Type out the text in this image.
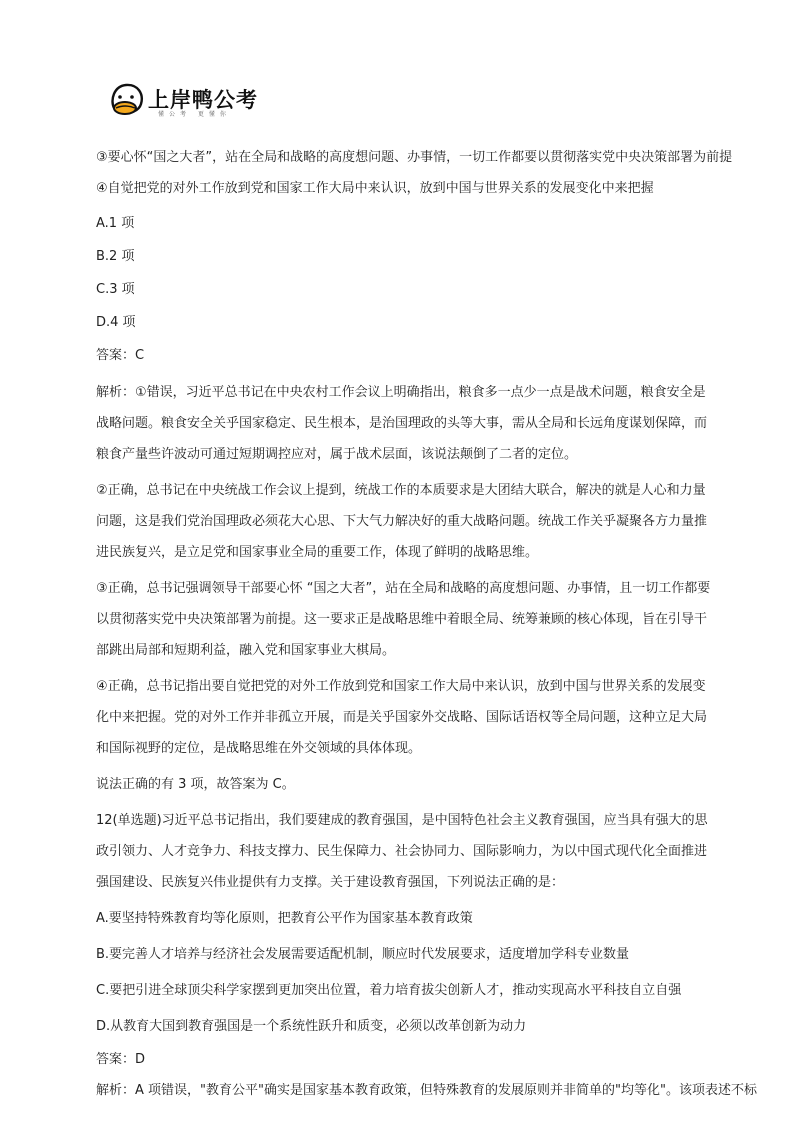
上岸鸭公考
懂公考 更懂你
③要心怀“国之大者”，站在全局和战略的高度想问题、办事情，一切工作都要以贯彻落实党中央决策部署为前提
④自觉把党的对外工作放到党和国家工作大局中来认识，放到中国与世界关系的发展变化中来把握
A.1 项
B.2 项
C.3 项
D.4 项
答案：C

解析：①错误，习近平总书记在中央农村工作会议上明确指出，粮食多一点少一点是战术问题，粮食安全是战略问题。粮食安全关乎国家稳定、民生根本，是治国理政的头等大事，需从全局和长远角度谋划保障，而粮食产量些许波动可通过短期调控应对，属于战术层面，该说法颠倒了二者的定位。

②正确，总书记在中央统战工作会议上提到，统战工作的本质要求是大团结大联合，解决的就是人心和力量问题，这是我们党治国理政必须花大心思、下大气力解决好的重大战略问题。统战工作关乎凝聚各方力量推进民族复兴，是立足党和国家事业全局的重要工作，体现了鲜明的战略思维。

③正确，总书记强调领导干部要心怀 “国之大者”，站在全局和战略的高度想问题、办事情，且一切工作都要以贯彻落实党中央决策部署为前提。这一要求正是战略思维中着眼全局、统筹兼顾的核心体现，旨在引导干部跳出局部和短期利益，融入党和国家事业大棋局。

④正确，总书记指出要自觉把党的对外工作放到党和国家工作大局中来认识，放到中国与世界关系的发展变化中来把握。党的对外工作并非孤立开展，而是关乎国家外交战略、国际话语权等全局问题，这种立足大局和国际视野的定位，是战略思维在外交领域的具体体现。

说法正确的有 3 项，故答案为 C。

12(单选题)习近平总书记指出，我们要建成的教育强国，是中国特色社会主义教育强国，应当具有强大的思政引领力、人才竞争力、科技支撑力、民生保障力、社会协同力、国际影响力，为以中国式现代化全面推进强国建设、民族复兴伟业提供有力支撑。关于建设教育强国，下列说法正确的是：

A.要坚持特殊教育均等化原则，把教育公平作为国家基本教育政策

B.要完善人才培养与经济社会发展需要适配机制，顺应时代发展要求，适度增加学科专业数量

C.要把引进全球顶尖科学家摆到更加突出位置，着力培育拔尖创新人才，推动实现高水平科技自立自强

D.从教育大国到教育强国是一个系统性跃升和质变，必须以改革创新为动力

答案：D
解析：A 项错误，"教育公平"确实是国家基本教育政策，但特殊教育的发展原则并非简单的"均等化"。该项表述不标
